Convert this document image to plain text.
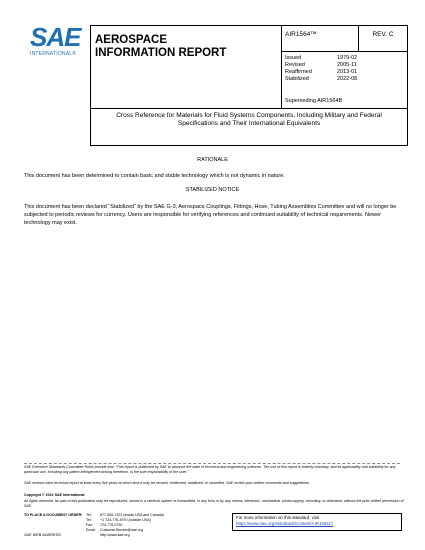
SAE
INTERNATIONAL®
AEROSPACE
INFORMATION REPORT
AIR1564™	REV. C
Issued	1979-02
Revised	2005-11
Reaffirmed	2013-01
Stabilized	2022-08
Superseding AIR1564B
Cross Reference for Materials for Fluid Systems Components, Including Military and Federal Specifications and Their International Equivalents
RATIONALE
This document has been determined to contain basic and stable technology which is not dynamic in nature.
STABILIZED NOTICE
This document has been declared “Stabilized” by the SAE G-3, Aerospace Couplings, Fittings, Hose, Tubing Assemblies Committee and will no longer be subjected to periodic reviews for currency. Users are responsible for verifying references and continued suitability of technical requirements. Newer technology may exist.
SAE Executive Standards Committee Rules provide that: “This report is published by SAE to advance the state of technical and engineering sciences. The use of this report is entirely voluntary, and its applicability and suitability for any particular use, including any patent infringement arising therefrom, is the sole responsibility of the user.”
SAE reviews each technical report at least every five years at which time it may be revised, reaffirmed, stabilized, or cancelled. SAE invites your written comments and suggestions.
Copyright © 2022 SAE International
All rights reserved. No part of this publication may be reproduced, stored in a retrieval system or transmitted, in any form or by any means, electronic, mechanical, photocopying, recording, or otherwise, without the prior written permission of SAE.
TO PLACE A DOCUMENT ORDER:	Tel:	877-606-7323 (inside USA and Canada)
Tel:	+1 724-776-4970 (outside USA)
Fax:	724-776-0790
Email:	CustomerService@sae.org
http://www.sae.org
For more information on this standard, visit
https://www.sae.org/standards/content/AIR1564C/
SAE WEB ADDRESS:
